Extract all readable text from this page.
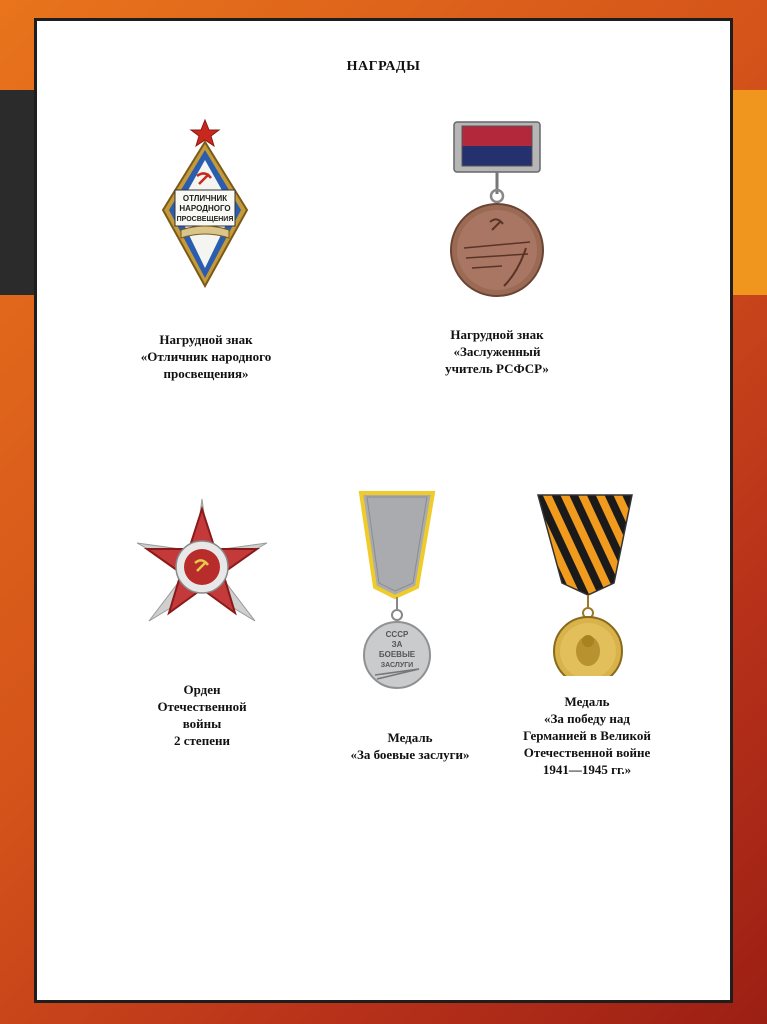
НАГРАДЫ
ОТЛИЧНИК
НАРОДНОГО
ПРОСВЕЩЕНИЯ
Нагрудной знак
«Отличник народного
просвещения»
Нагрудной знак
«Заслуженный
учитель РСФСР»
Орден
Отечественной
войны
2 степени
СССР
ЗА
БОЕВЫЕ
ЗАСЛУГИ
Медаль
«За боевые заслуги»
Медаль
«За победу над
Германией в Великой
Отечественной войне
1941—1945 гг.»
